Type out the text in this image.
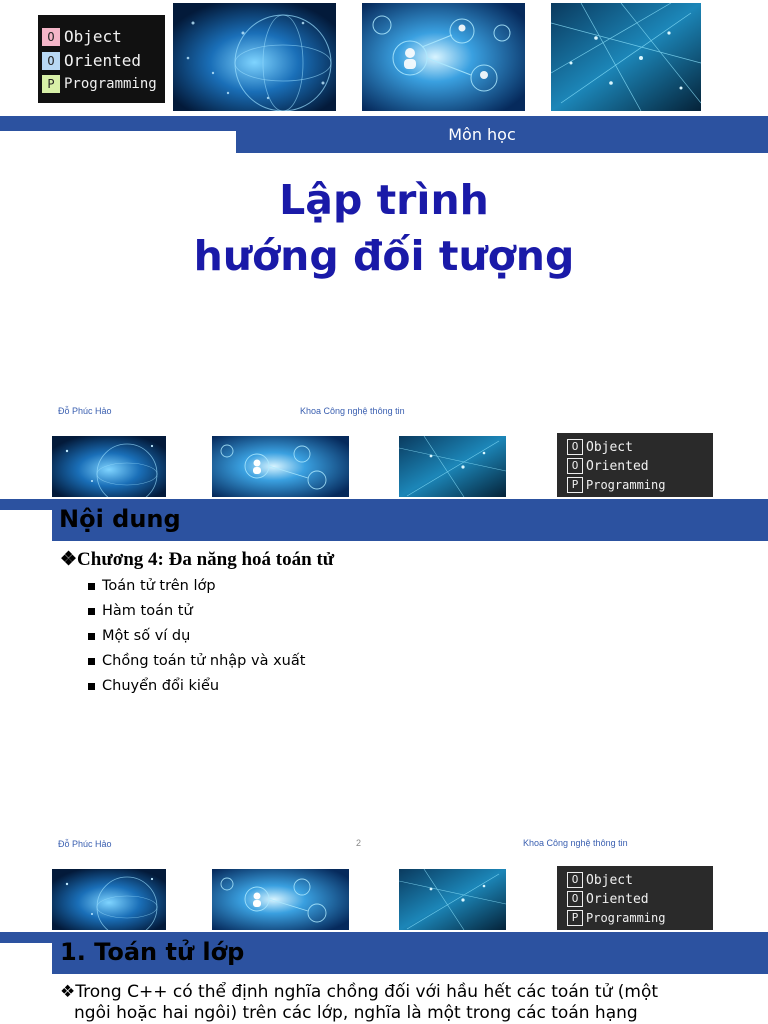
O Object
O Oriented
P Programming
Môn học
Lập trình
hướng đối tượng
Đỗ Phúc Hảo	Khoa Công nghệ thông tin
O Object
O Oriented
P Programming
Nội dung
❖Chương 4: Đa năng hoá toán tử
Toán tử trên lớp
Hàm toán tử
Một số ví dụ
Chồng toán tử nhập và xuất
Chuyển đổi kiểu
Đỗ Phúc Hảo	2	Khoa Công nghệ thông tin
O Object
O Oriented
P Programming
1. Toán tử lớp
❖Trong C++ có thể định nghĩa chồng đối với hầu hết các toán tử (một
ngôi hoặc hai ngôi) trên các lớp, nghĩa là một trong các toán hạng
